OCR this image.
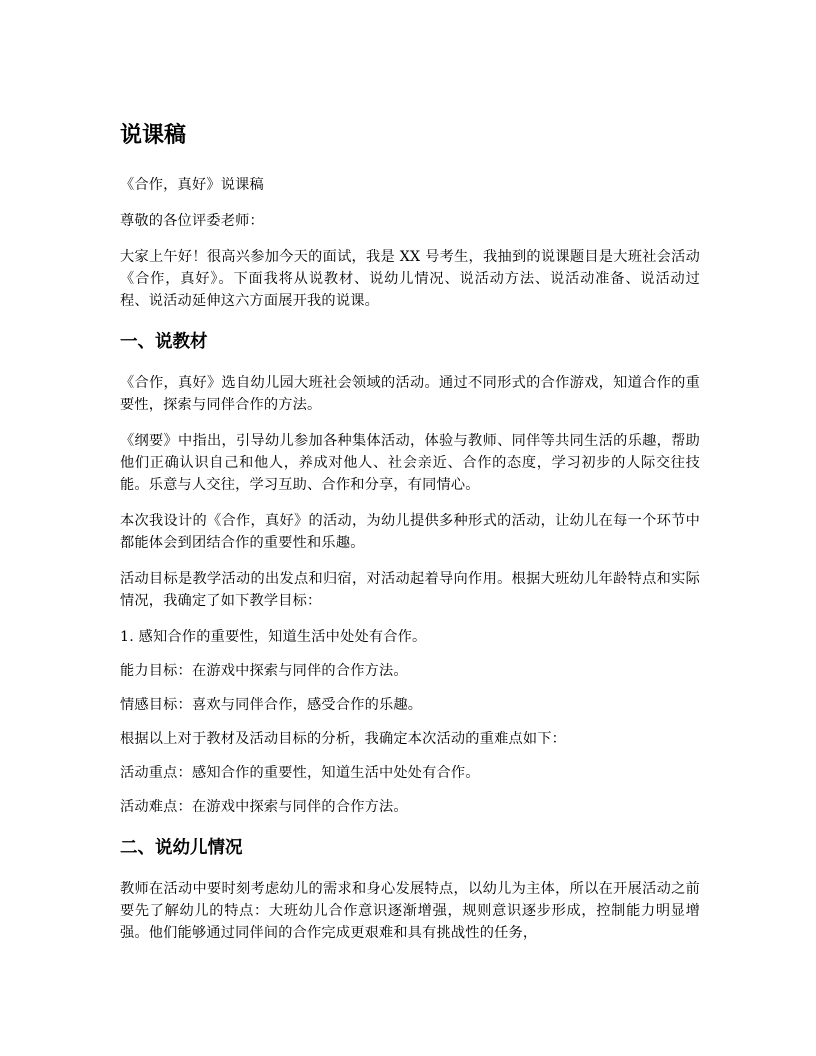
说课稿
《合作，真好》说课稿
尊敬的各位评委老师：
大家上午好！很高兴参加今天的面试，我是 XX 号考生，我抽到的说课题目是大班社会活动《合作，真好》。下面我将从说教材、说幼儿情况、说活动方法、说活动准备、说活动过程、说活动延伸这六方面展开我的说课。
一、说教材
《合作，真好》选自幼儿园大班社会领域的活动。通过不同形式的合作游戏，知道合作的重要性，探索与同伴合作的方法。
《纲要》中指出，引导幼儿参加各种集体活动，体验与教师、同伴等共同生活的乐趣，帮助他们正确认识自己和他人，养成对他人、社会亲近、合作的态度，学习初步的人际交往技能。乐意与人交往，学习互助、合作和分享，有同情心。
本次我设计的《合作，真好》的活动，为幼儿提供多种形式的活动，让幼儿在每一个环节中都能体会到团结合作的重要性和乐趣。
活动目标是教学活动的出发点和归宿，对活动起着导向作用。根据大班幼儿年龄特点和实际情况，我确定了如下教学目标：
1. 感知合作的重要性，知道生活中处处有合作。
能力目标：在游戏中探索与同伴的合作方法。
情感目标：喜欢与同伴合作，感受合作的乐趣。
根据以上对于教材及活动目标的分析，我确定本次活动的重难点如下：
活动重点：感知合作的重要性，知道生活中处处有合作。
活动难点：在游戏中探索与同伴的合作方法。
二、说幼儿情况
教师在活动中要时刻考虑幼儿的需求和身心发展特点，以幼儿为主体，所以在开展活动之前要先了解幼儿的特点：大班幼儿合作意识逐渐增强，规则意识逐步形成，控制能力明显增强。他们能够通过同伴间的合作完成更艰难和具有挑战性的任务，
